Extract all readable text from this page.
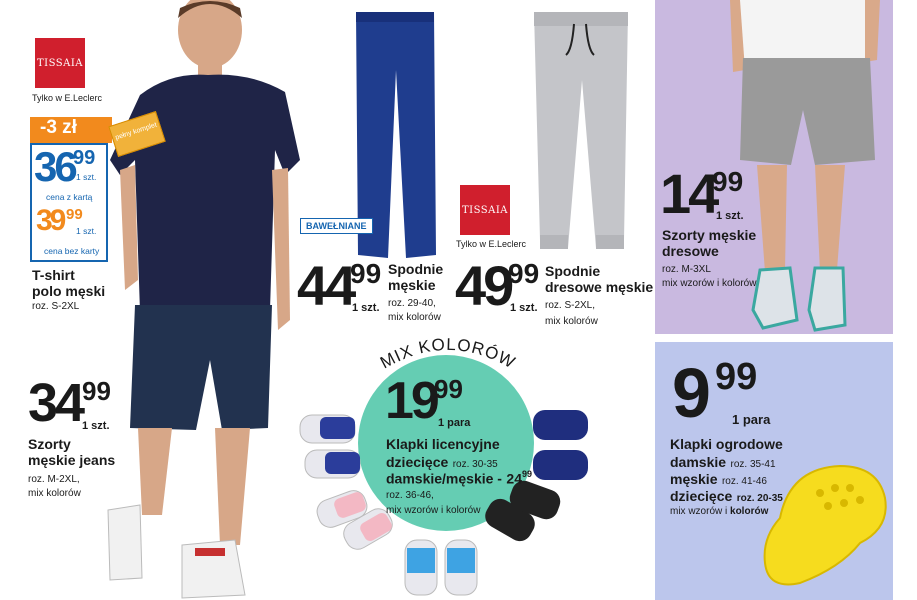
14
99
1 szt.
Szorty męskie
dresowe
roz. M-3XL
mix wzorów i kolorów
9 99
1 para
Klapki ogrodowe
damskie roz. 35-41
męskie roz. 41-46
dziecięce roz. 20-35
mix wzorów i kolorów
TISSAIA
Tylko w E.Leclerc
-3 zł	pełny komplet
36
99
1 szt.
cena z kartą
39 99
1 szt.
cena bez karty
T-shirt
polo męski
roz. S-2XL
34 99
1 szt.
Szorty
męskie jeans
roz. M-2XL,
mix kolorów
BAWEŁNIANE
44
99
1 szt.
Spodnie
męskie
roz. 29-40,
mix kolorów
TISSAIA
Tylko w E.Leclerc
49
99
1 szt.
Spodnie
dresowe męskie
roz. S-2XL,
mix kolorów
MIX KOLORÓW
19
99
1 para
Klapki licencyjne
dziecięce roz. 30-35
damskie/męskie - $24^{99}$
roz. 36-46,
mix wzorów i kolorów
